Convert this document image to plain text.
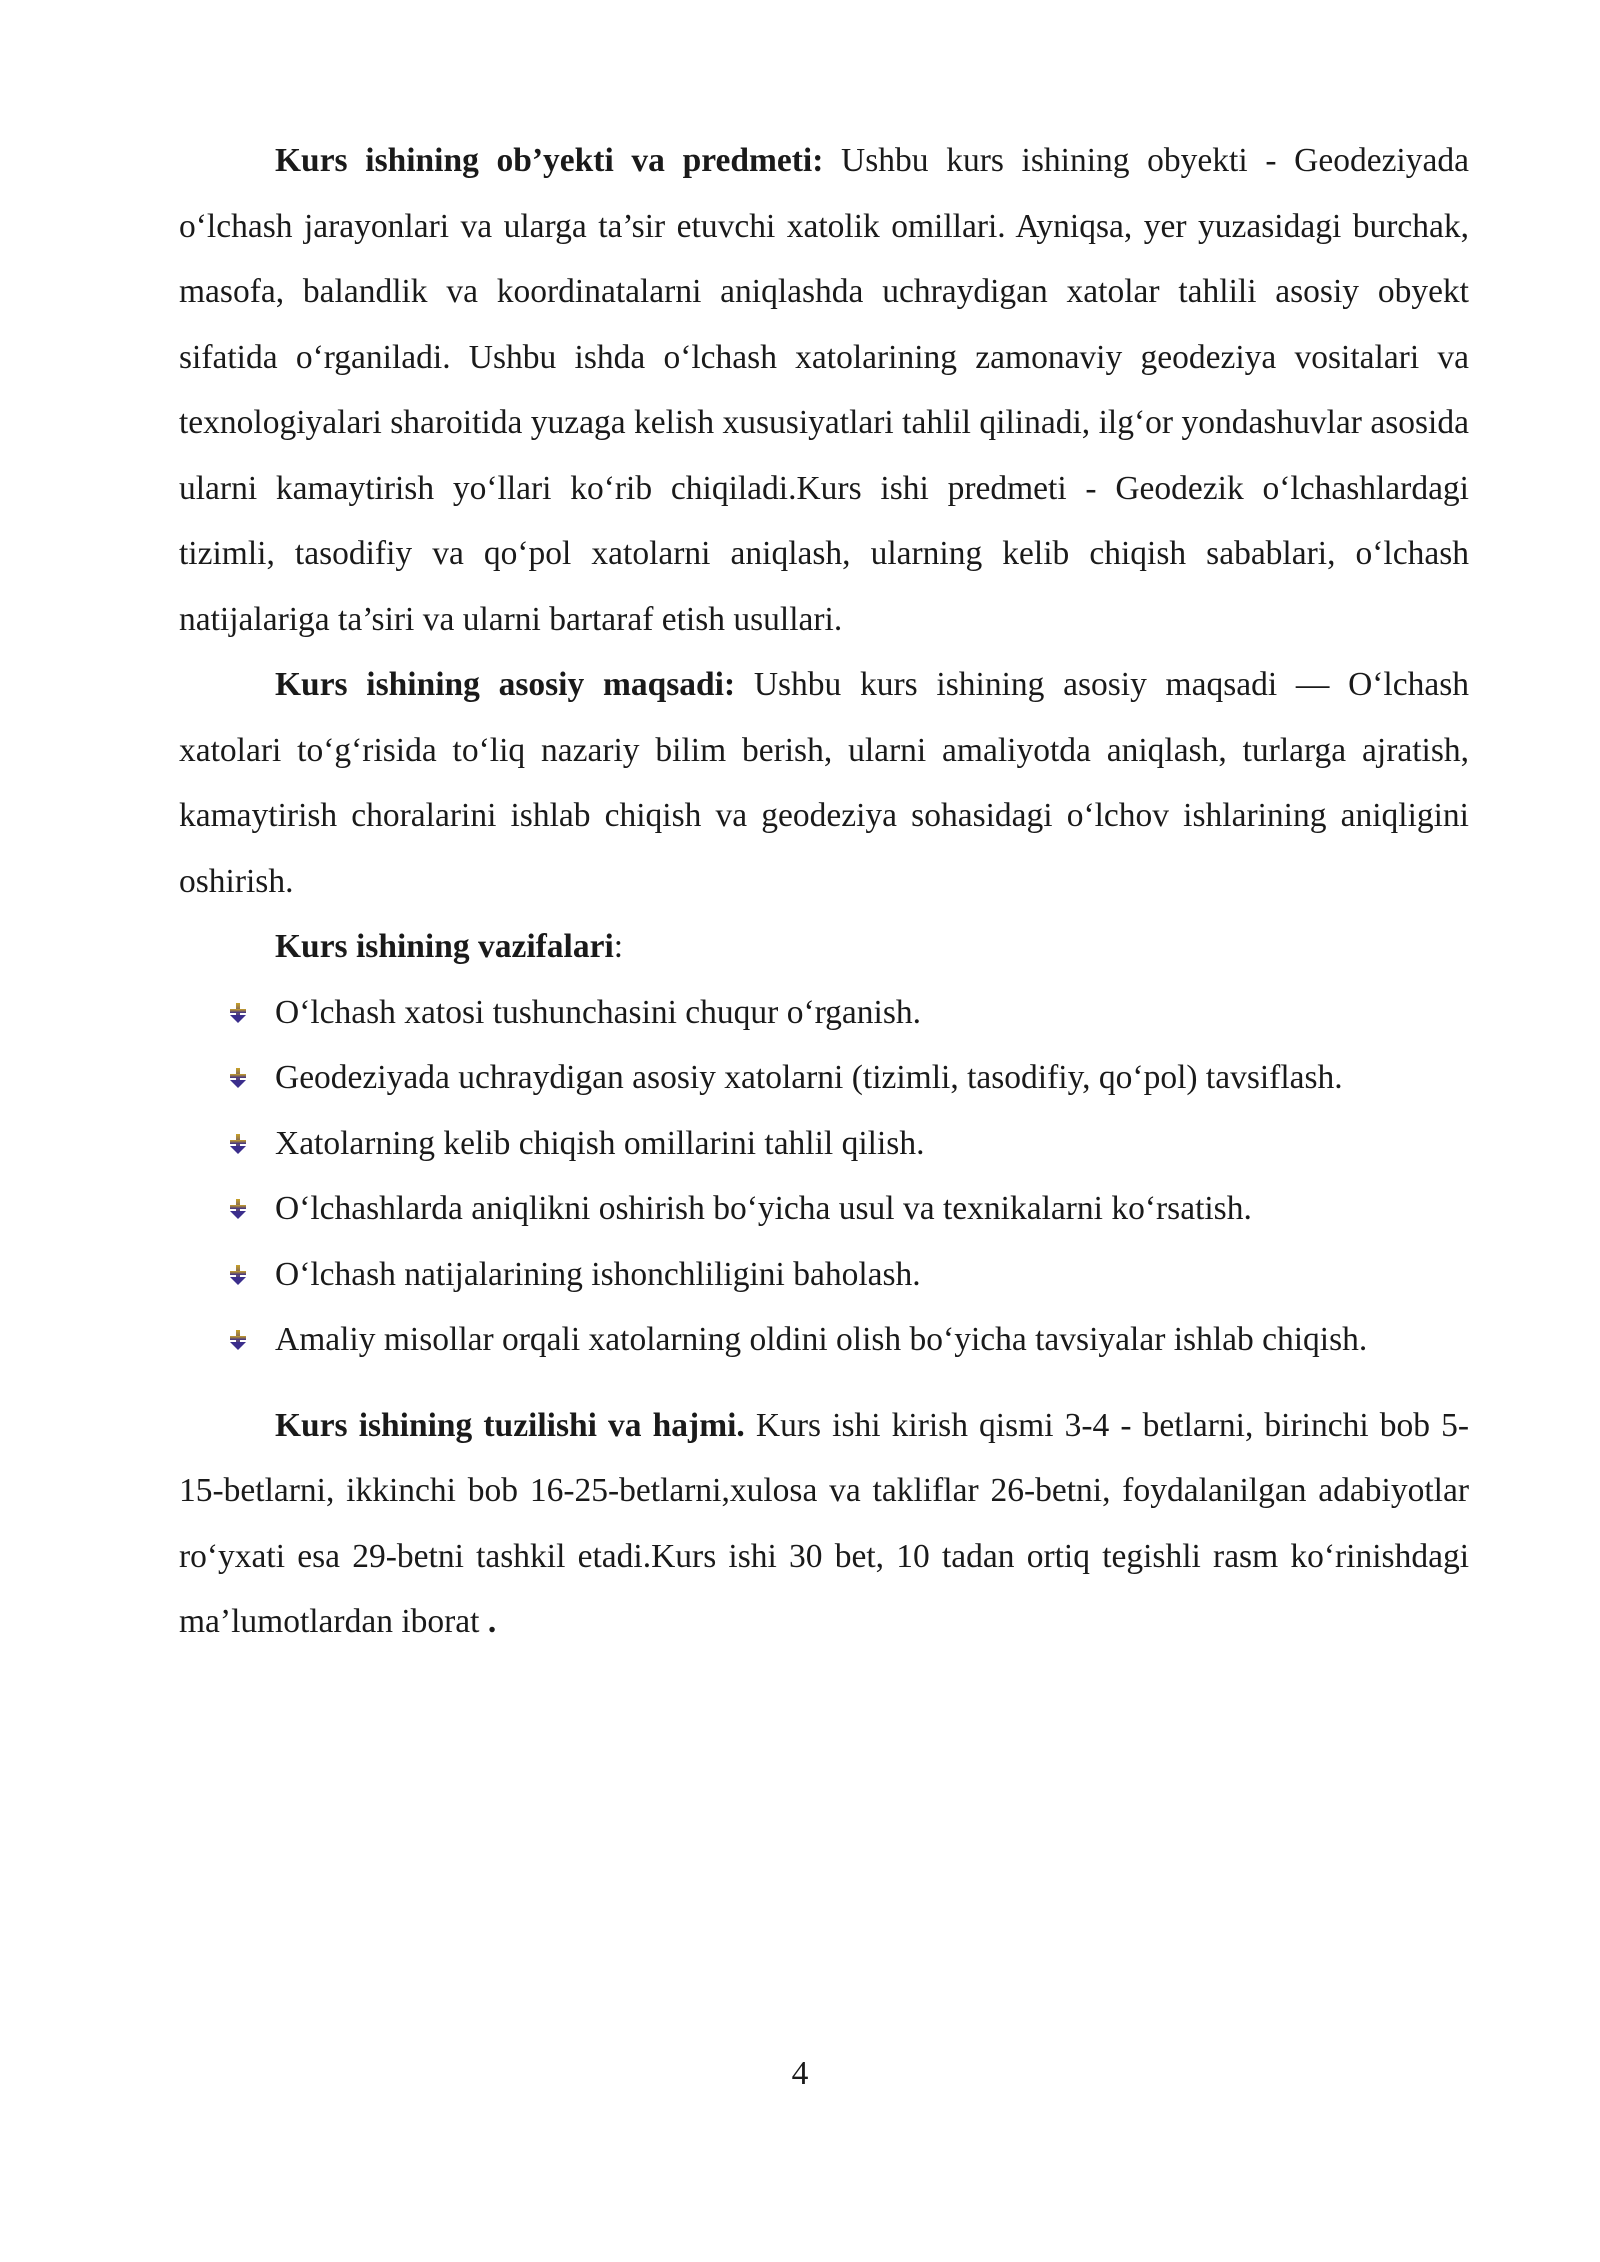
Kurs ishining ob’yekti va predmeti: Ushbu kurs ishining obyekti - Geodeziyada o‘lchash jarayonlari va ularga ta’sir etuvchi xatolik omillari. Ayniqsa, yer yuzasidagi burchak, masofa, balandlik va koordinatalarni aniqlashda uchraydigan xatolar tahlili asosiy obyekt sifatida o‘rganiladi. Ushbu ishda o‘lchash xatolarining zamonaviy geodeziya vositalari va texnologiyalari sharoitida yuzaga kelish xususiyatlari tahlil qilinadi, ilg‘or yondashuvlar asosida ularni kamaytirish yo‘llari ko‘rib chiqiladi.Kurs ishi predmeti - Geodezik o‘lchashlardagi tizimli, tasodifiy va qo‘pol xatolarni aniqlash, ularning kelib chiqish sabablari, o‘lchash natijalariga ta’siri va ularni bartaraf etish usullari.

Kurs ishining asosiy maqsadi: Ushbu kurs ishining asosiy maqsadi — O‘lchash xatolari to‘g‘risida to‘liq nazariy bilim berish, ularni amaliyotda aniqlash, turlarga ajratish, kamaytirish choralarini ishlab chiqish va geodeziya sohasidagi o‘lchov ishlarining aniqligini oshirish.

Kurs ishining vazifalari:

O‘lchash xatosi tushunchasini chuqur o‘rganish.
Geodeziyada uchraydigan asosiy xatolarni (tizimli, tasodifiy, qo‘pol) tavsiflash.
Xatolarning kelib chiqish omillarini tahlil qilish.
O‘lchashlarda aniqlikni oshirish bo‘yicha usul va texnikalarni ko‘rsatish.
O‘lchash natijalarining ishonchliligini baholash.
Amaliy misollar orqali xatolarning oldini olish bo‘yicha tavsiyalar ishlab chiqish.

Kurs ishining tuzilishi va hajmi. Kurs ishi kirish qismi 3-4 - betlarni, birinchi bob 5-15-betlarni, ikkinchi bob 16-25-betlarni,xulosa va takliflar 26-betni, foydalanilgan adabiyotlar ro‘yxati esa 29-betni tashkil etadi.Kurs ishi 30 bet, 10 tadan ortiq tegishli rasm ko‘rinishdagi ma’lumotlardan iborat .

4
